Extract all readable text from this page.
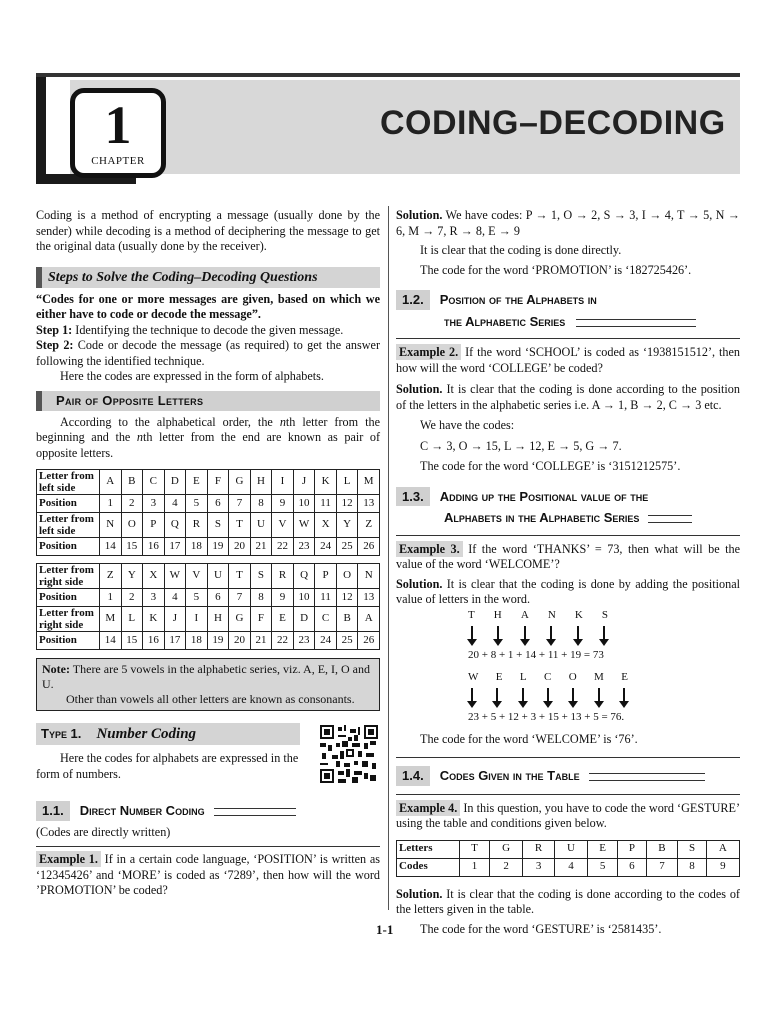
1
CHAPTER
CODING–DECODING

Coding is a method of encrypting a message (usually done by the sender) while decoding is a method of deciphering the message to get the original data (usually done by the receiver).

Steps to Solve the Coding–Decoding Questions

“Codes for one or more messages are given, based on which we either have to code or decode the message”.

Step 1: Identifying the technique to decode the given message.

Step 2: Code or decode the message (as required) to get the answer following the identified technique.

Here the codes are expressed in the form of alphabets.

Pair of Opposite Letters

According to the alphabetical order, the nth letter from the beginning and the nth letter from the end are known as pair of opposite letters.

Letter from left side	A	B	C	D	E	F	G	H	I	J	K	L	M
Position	1	2	3	4	5	6	7	8	9	10	11	12	13
Letter from left side	N	O	P	Q	R	S	T	U	V	W	X	Y	Z
Position	14	15	16	17	18	19	20	21	22	23	24	25	26
Letter from right side	Z	Y	X	W	V	U	T	S	R	Q	P	O	N
Position	1	2	3	4	5	6	7	8	9	10	11	12	13
Letter from right side	M	L	K	J	I	H	G	F	E	D	C	B	A
Position	14	15	16	17	18	19	20	21	22	23	24	25	26
Note: There are 5 vowels in the alphabetic series, viz. A, E, I, O and U.
Other than vowels all other letters are known as consonants.
Type 1. Number Coding

Here the codes for alphabets are expressed in the form of numbers.

1.1. Direct Number Coding

(Codes are directly written)

Example 1. If in a certain code language, ‘POSITION’ is written as ‘12345426’ and ‘MORE’ is coded as ‘7289’, then how will the word ’PROMOTION’ be coded?

Solution. We have codes: P → 1, O → 2, S → 3, I → 4, T → 5, N → 6, M → 7, R → 8, E → 9

It is clear that the coding is done directly.

The code for the word ‘PROMOTION’ is ‘182725426’.

1.2. Position of the Alphabets in
the Alphabetic Series

Example 2. If the word ‘SCHOOL’ is coded as ‘1938151512’, then how will the word ‘COLLEGE’ be coded?

Solution. It is clear that the coding is done according to the position of the letters in the alphabetic series i.e. A → 1, B → 2, C → 3 etc.

We have the codes:

C → 3, O → 15, L → 12, E → 5, G → 7.

The code for the word ‘COLLEGE’ is ‘3151212575’.

1.3. Adding up the Positional value of the
Alphabets in the Alphabetic Series

Example 3. If the word ‘THANKS’ = 73, then what will be the value of the word ‘WELCOME’?

Solution. It is clear that the coding is done by adding the positional value of letters in the word.

T H A N K S
20 + 8 + 1 + 14 + 11 + 19 = 73
W E L C O M E
23 + 5 + 12 + 3 + 15 + 13 + 5 = 76.

The code for the word ‘WELCOME’ is ‘76’.

1.4. Codes Given in the Table

Example 4. In this question, you have to code the word ‘GESTURE’ using the table and conditions given below.

Letters	T	G	R	U	E	P	B	S	A
Codes	1	2	3	4	5	6	7	8	9

Solution. It is clear that the coding is done according to the codes of the letters given in the table.

The code for the word ‘GESTURE’ is ‘2581435’.

1-1
